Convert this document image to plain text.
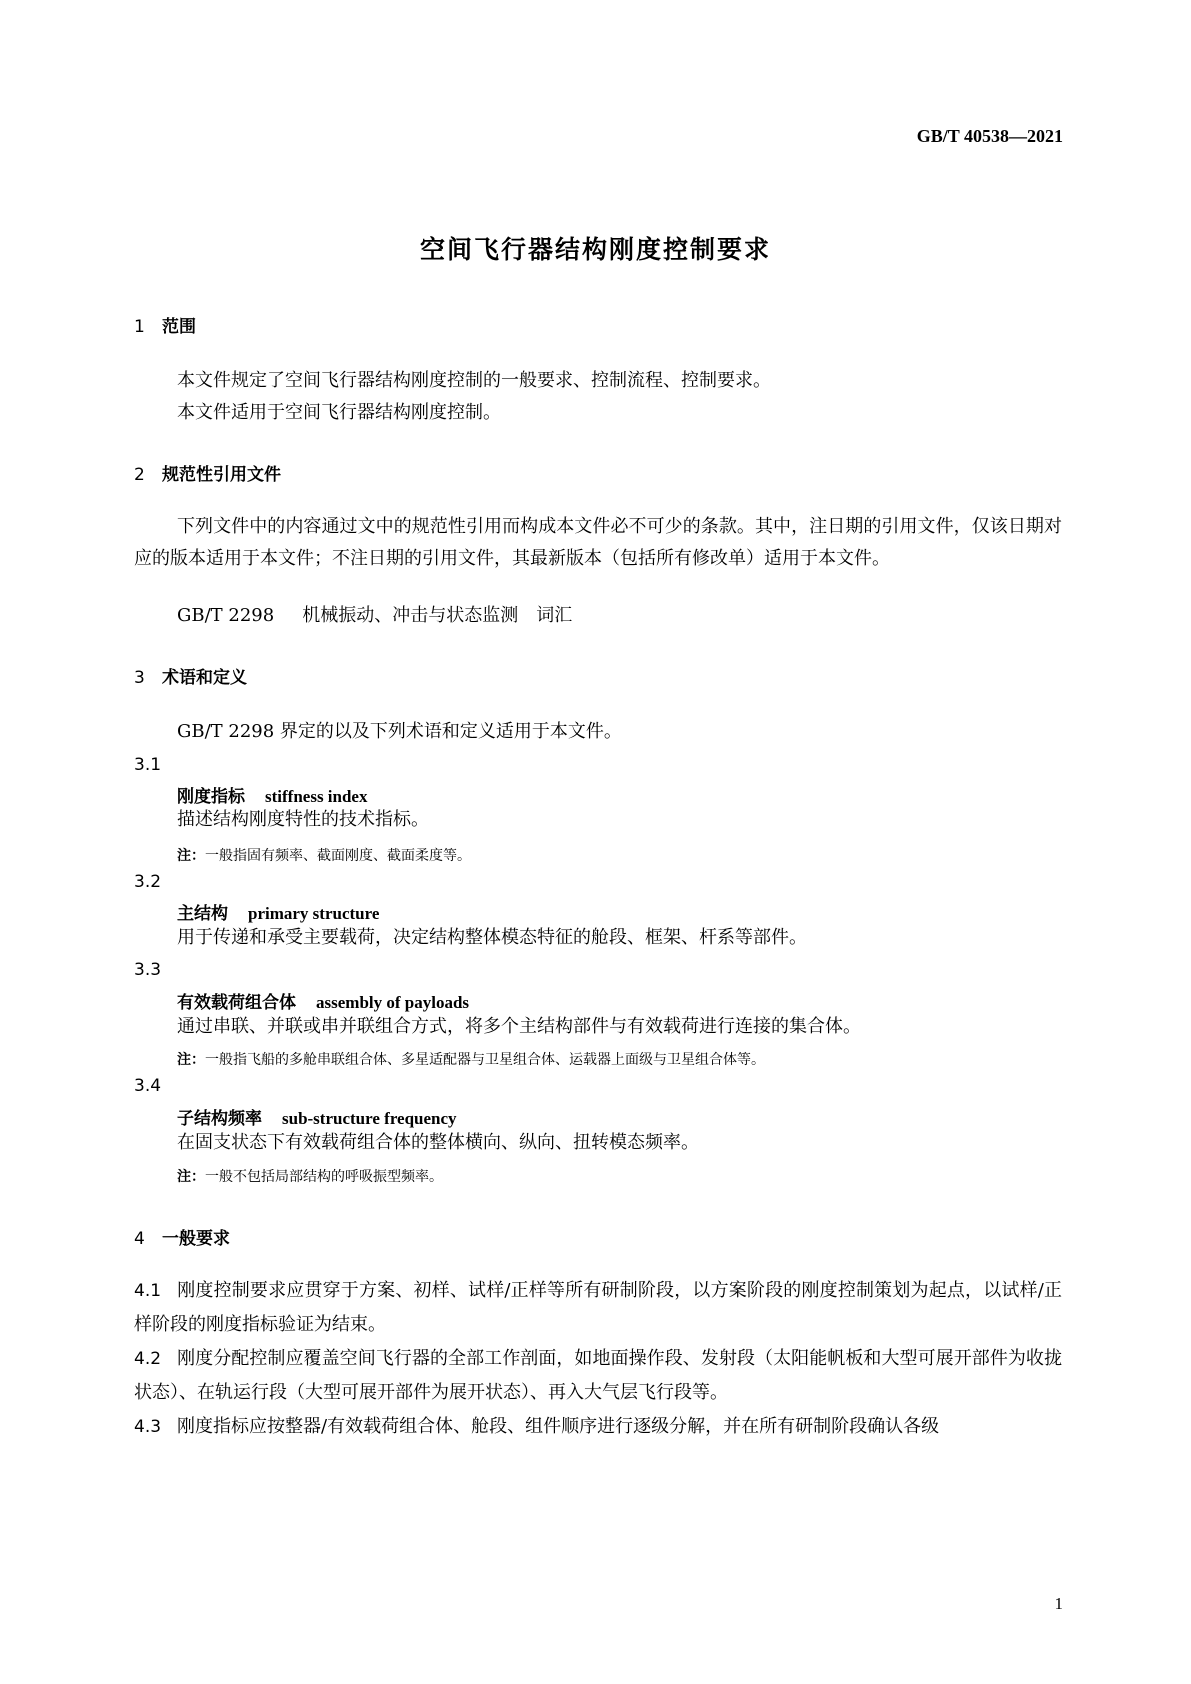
GB/T 40538—2021
空间飞行器结构刚度控制要求
1 范围
本文件规定了空间飞行器结构刚度控制的一般要求、控制流程、控制要求。
本文件适用于空间飞行器结构刚度控制。
2 规范性引用文件
下列文件中的内容通过文中的规范性引用而构成本文件必不可少的条款。其中，注日期的引用文件，仅该日期对应的版本适用于本文件；不注日期的引用文件，其最新版本（包括所有修改单）适用于本文件。
GB/T 2298 机械振动、冲击与状态监测　词汇
3 术语和定义
GB/T 2298 界定的以及下列术语和定义适用于本文件。
3.1
刚度指标 stiffness index
描述结构刚度特性的技术指标。
注：一般指固有频率、截面刚度、截面柔度等。
3.2
主结构 primary structure
用于传递和承受主要载荷，决定结构整体模态特征的舱段、框架、杆系等部件。
3.3
有效载荷组合体 assembly of payloads
通过串联、并联或串并联组合方式，将多个主结构部件与有效载荷进行连接的集合体。
注：一般指飞船的多舱串联组合体、多星适配器与卫星组合体、运载器上面级与卫星组合体等。
3.4
子结构频率 sub-structure frequency
在固支状态下有效载荷组合体的整体横向、纵向、扭转模态频率。
注：一般不包括局部结构的呼吸振型频率。
4 一般要求
4.1 刚度控制要求应贯穿于方案、初样、试样/正样等所有研制阶段，以方案阶段的刚度控制策划为起点，以试样/正样阶段的刚度指标验证为结束。
4.2 刚度分配控制应覆盖空间飞行器的全部工作剖面，如地面操作段、发射段（太阳能帆板和大型可展开部件为收拢状态）、在轨运行段（大型可展开部件为展开状态）、再入大气层飞行段等。
4.3 刚度指标应按整器/有效载荷组合体、舱段、组件顺序进行逐级分解，并在所有研制阶段确认各级
1
